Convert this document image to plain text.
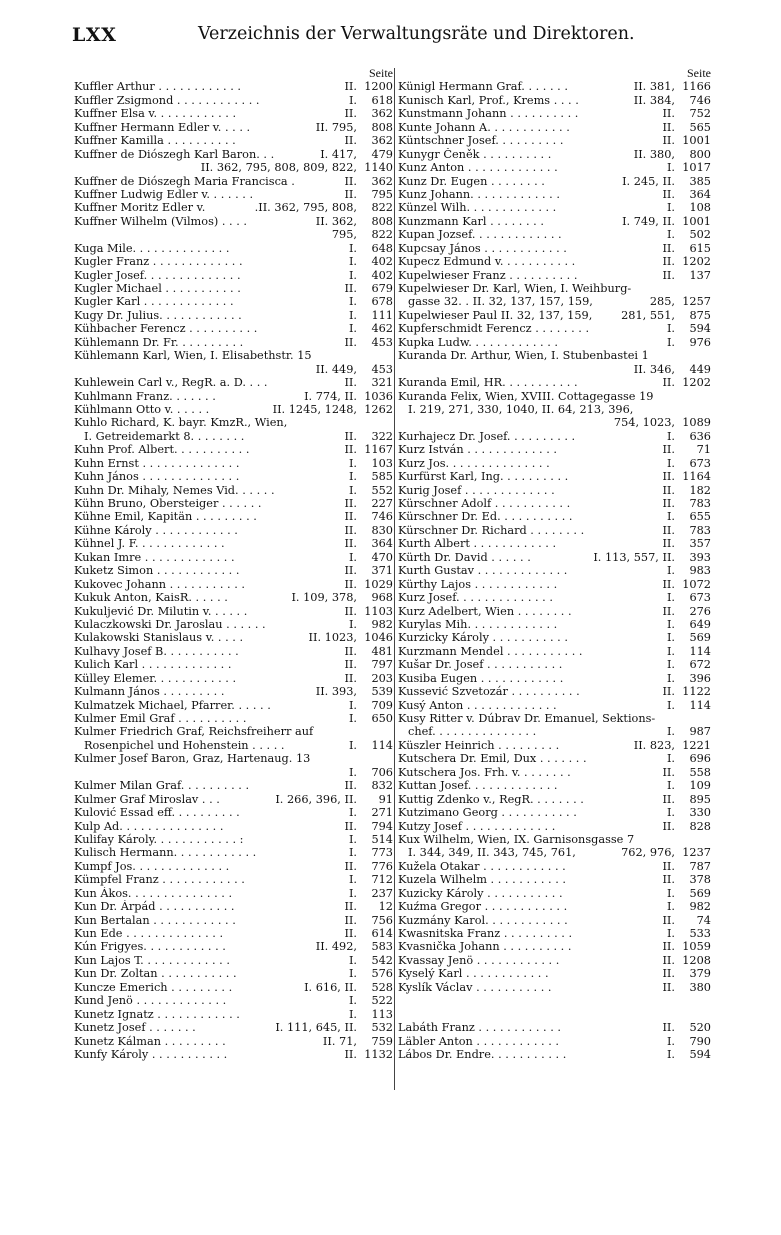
LXX	Verzeichnis der Verwaltungsräte und Direktoren.
Seite
Kuffler Arthur . . . . . . . . . . . .	II. 1200
Kuffler Zsigmond . . . . . . . . . . . .	I.	618
Kuffner Elsa v. . . . . . . . . . . .	II.	362
Kuffner Hermann Edler v. . . . .	II. 795,	808
Kuffner Kamilla . . . . . . . . . .	II.	362
Kuffner de Diószegh Karl Baron. . .	I. 417,	479
II. 362, 795, 808, 809, 822, 1140
Kuffner de Diószegh Maria Francisca .	II.	362
Kuffner Ludwig Edler v. . . . . . .	II.	795
Kuffner Moritz Edler v.	.II. 362, 795, 808,	822
Kuffner Wilhelm (Vilmos) . . . .	II. 362,	808
795,	822
Kuga Mile. . . . . . . . . . . . . .	I.	648
Kugler Franz . . . . . . . . . . . . .	I.	402
Kugler Josef. . . . . . . . . . . . . .	I.	402
Kugler Michael . . . . . . . . . . .	II.	679
Kugler Karl . . . . . . . . . . . . .	I.	678
Kugy Dr. Julius. . . . . . . . . . . .	I.	111
Kühbacher Ferencz . . . . . . . . . .	I.	462
Kühlemann Dr. Fr. . . . . . . . . .	II.	453
Kühlemann Karl, Wien, I. Elisabethstr. 15
II. 449,	453
Kuhlewein Carl v., RegR. a. D. . . .	II.	321
Kuhlmann Franz. . . . . . .	I. 774, II. 1036
Kühlmann Otto v. . . . . .	II. 1245, 1248, 1262
Kuhlo Richard, K. bayr. KmzR., Wien,
I. Getreidemarkt 8. . . . . . . .	II.	322
Kuhn Prof. Albert. . . . . . . . . . .	II. 1167
Kuhn Ernst . . . . . . . . . . . . . .	I.	103
Kuhn János . . . . . . . . . . . . . .	I.	585
Kuhn Dr. Mihaly, Nemes Vid. . . . . .	I.	552
Kühn Bruno, Obersteiger . . . . . .	II.	227
Kühne Emil, Kapitän . . . . . . . . .	II.	746
Kühne Károly . . . . . . . . . . . .	II.	830
Kühnel J. F. . . . . . . . . . . . .	II.	364
Kukan Imre . . . . . . . . . . . . .	I.	470
Kuketz Simon . . . . . . . . . . . .	II.	371
Kukovec Johann . . . . . . . . . . .	II. 1029
Kukuk Anton, KaisR. . . . . .	I. 109, 378,	968
Kukuljević Dr. Milutin v. . . . . .	II. 1103
Kulaczkowski Dr. Jaroslau . . . . . .	I.	982
Kulakowski Stanislaus v. . . . .	II. 1023, 1046
Kulhavy Josef B. . . . . . . . . . .	II.	481
Kulich Karl . . . . . . . . . . . . .	II.	797
Külley Elemer. . . . . . . . . . . .	II.	203
Kulmann János . . . . . . . . .	II. 393,	539
Kulmatzek Michael, Pfarrer. . . . . .	I.	709
Kulmer Emil Graf . . . . . . . . . .	I.	650
Kulmer Friedrich Graf, Reichsfreiherr auf
Rosenpichel und Hohenstein . . . . .	I.	114
Kulmer Josef Baron, Graz, Hartenaug. 13
I.	706
Kulmer Milan Graf. . . . . . . . . .	II.	832
Kulmer Graf Miroslav . . .	I. 266, 396, II.	91
Kulović Essad eff. . . . . . . . . .	I.	271
Kulp Ad. . . . . . . . . . . . . . .	II.	794
Kulifay Károly. . . . . . . . . . . . :	I.	514
Kulisch Hermann. . . . . . . . . . . .	I.	773
Kumpf Jos. . . . . . . . . . . . . .	II.	776
Kümpfel Franz . . . . . . . . . . . .	I.	712
Kun Ákos. . . . . . . . . . . . . . .	I.	237
Kun Dr. Árpád . . . . . . . . . . .	II.	12
Kun Bertalan . . . . . . . . . . . .	II.	756
Kun Ede . . . . . . . . . . . . . .	II.	614
Kún Frigyes. . . . . . . . . . . .	II. 492,	583
Kun Lajos T. . . . . . . . . . . . .	I.	542
Kun Dr. Zoltan . . . . . . . . . . .	I.	576
Kuncze Emerich . . . . . . . . .	I. 616, II.	528
Kund Jenö . . . . . . . . . . . . .	I.	522
Kunetz Ignatz . . . . . . . . . . . .	I.	113
Kunetz Josef . . . . . . .	I. 111, 645, II.	532
Kunetz Kálman . . . . . . . . .	II. 71,	759
Kunfy Károly . . . . . . . . . . .	II. 1132
Seite
Künigl Hermann Graf. . . . . . .	II. 381, 1166
Kunisch Karl, Prof., Krems . . . .	II. 384,	746
Kunstmann Johann . . . . . . . . . .	II.	752
Kunte Johann A. . . . . . . . . . . .	II.	565
Küntschner Josef. . . . . . . . . .	II. 1001
Kunygr Čeněk . . . . . . . . . .	II. 380,	800
Kunz Anton . . . . . . . . . . . . .	I. 1017
Kunz Dr. Eugen . . . . . . . .	I. 245, II.	385
Kunz Johann. . . . . . . . . . . . .	II.	364
Künzel Wilh. . . . . . . . . . . . .	I.	108
Kunzmann Karl . . . . . . . .	I. 749, II. 1001
Kupan Jozsef. . . . . . . . . . . . .	I.	502
Kupcsay János . . . . . . . . . . . .	II.	615
Kupecz Edmund v. . . . . . . . . . .	II. 1202
Kupelwieser Franz . . . . . . . . . .	II.	137
Kupelwieser Dr. Karl, Wien, I. Weihburg-
gasse 32. . II. 32, 137, 157, 159,	285, 1257
Kupelwieser Paul II. 32, 137, 159,	281, 551,	875
Kupferschmidt Ferencz . . . . . . . .	I.	594
Kupka Ludw. . . . . . . . . . . . .	I.	976
Kuranda Dr. Arthur, Wien, I. Stubenbastei 1
II. 346,	449
Kuranda Emil, HR. . . . . . . . . . .	II. 1202
Kuranda Felix, Wien, XVIII. Cottagegasse 19
I. 219, 271, 330, 1040, II. 64, 213, 396,
754, 1023, 1089
Kurhajecz Dr. Josef. . . . . . . . . .	I.	636
Kurz István . . . . . . . . . . . . .	II.	71
Kurz Jos. . . . . . . . . . . . . . .	I.	673
Kurfürst Karl, Ing. . . . . . . . . .	II. 1164
Kurig Josef . . . . . . . . . . . . .	II.	182
Kürschner Adolf . . . . . . . . . . .	II.	783
Kürschner Dr. Ed. . . . . . . . . . .	I.	655
Kürschner Dr. Richard . . . . . . . .	II.	783
Kurth Albert . . . . . . . . . . . .	II.	357
Kürth Dr. David . . . . . .	I. 113, 557, II.	393
Kurth Gustav . . . . . . . . . . . . .	I.	983
Kürthy Lajos . . . . . . . . . . . .	II. 1072
Kurz Josef. . . . . . . . . . . . . .	I.	673
Kurz Adelbert, Wien . . . . . . . .	II.	276
Kurylas Mih. . . . . . . . . . . . .	I.	649
Kurzicky Károly . . . . . . . . . . .	I.	569
Kurzmann Mendel . . . . . . . . . . .	I.	114
Kušar Dr. Josef . . . . . . . . . . .	I.	672
Kusiba Eugen . . . . . . . . . . . .	I.	396
Kussević Szvetozár . . . . . . . . . .	II. 1122
Kusý Anton . . . . . . . . . . . . .	I.	114
Kusy Ritter v. Dúbrav Dr. Emanuel, Sektions-
chef. . . . . . . . . . . . . . .	I.	987
Küszler Heinrich . . . . . . . . .	II. 823, 1221
Kutschera Dr. Emil, Dux . . . . . . .	I.	696
Kutschera Jos. Frh. v. . . . . . . .	II.	558
Kuttan Josef. . . . . . . . . . . . .	I.	109
Kuttig Zdenko v., RegR. . . . . . . .	II.	895
Kutzimano Georg . . . . . . . . . . .	I.	330
Kutzy Josef . . . . . . . . . . . . .	II.	828
Kux Wilhelm, Wien, IX. Garnisonsgasse 7
I. 344, 349, II. 343, 745, 761,	762, 976, 1237
Kuželа Otakar . . . . . . . . . . . .	II.	787
Kuzela Wilhelm . . . . . . . . . . .	II.	378
Kuzicky Károly . . . . . . . . . . .	I.	569
Kuźma Gregor . . . . . . . . . . . .	I.	982
Kuzmány Karol. . . . . . . . . . . .	II.	74
Kwasnitska Franz . . . . . . . . . .	I.	533
Kvasnička Johann . . . . . . . . . .	II. 1059
Kvassay Jenö . . . . . . . . . . . .	II. 1208
Kyselý Karl . . . . . . . . . . . .	II.	379
Kyslík Václav . . . . . . . . . . .	II.	380
Labáth Franz . . . . . . . . . . . .	II.	520
Läbler Anton . . . . . . . . . . . .	I.	790
Lábos Dr. Endre. . . . . . . . . . .	I.	594
